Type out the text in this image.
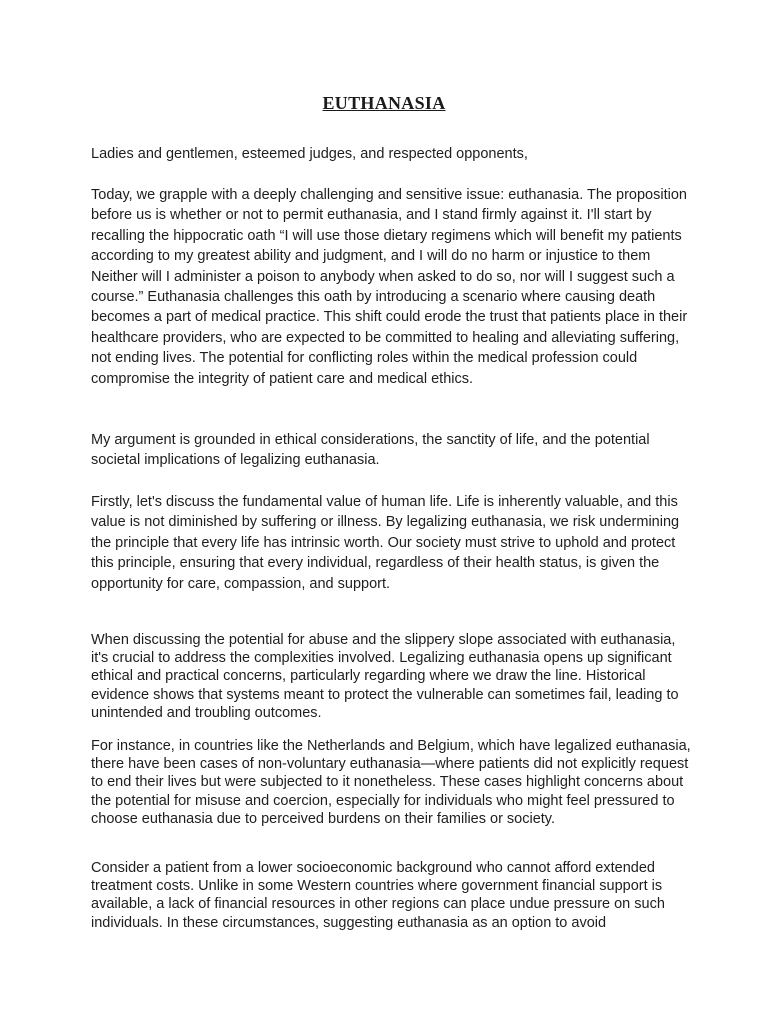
EUTHANASIA

Ladies and gentlemen, esteemed judges, and respected opponents,

Today, we grapple with a deeply challenging and sensitive issue: euthanasia. The proposition before us is whether or not to permit euthanasia, and I stand firmly against it. I'll start by recalling the hippocratic oath “I will use those dietary regimens which will benefit my patients according to my greatest ability and judgment, and I will do no harm or injustice to them Neither will I administer a poison to anybody when asked to do so, nor will I suggest such a course.” Euthanasia challenges this oath by introducing a scenario where causing death becomes a part of medical practice. This shift could erode the trust that patients place in their healthcare providers, who are expected to be committed to healing and alleviating suffering, not ending lives. The potential for conflicting roles within the medical profession could compromise the integrity of patient care and medical ethics.

My argument is grounded in ethical considerations, the sanctity of life, and the potential societal implications of legalizing euthanasia.

Firstly, let's discuss the fundamental value of human life. Life is inherently valuable, and this value is not diminished by suffering or illness. By legalizing euthanasia, we risk undermining the principle that every life has intrinsic worth. Our society must strive to uphold and protect this principle, ensuring that every individual, regardless of their health status, is given the opportunity for care, compassion, and support.

When discussing the potential for abuse and the slippery slope associated with euthanasia, it's crucial to address the complexities involved. Legalizing euthanasia opens up significant ethical and practical concerns, particularly regarding where we draw the line. Historical evidence shows that systems meant to protect the vulnerable can sometimes fail, leading to unintended and troubling outcomes.

For instance, in countries like the Netherlands and Belgium, which have legalized euthanasia, there have been cases of non-voluntary euthanasia—where patients did not explicitly request to end their lives but were subjected to it nonetheless. These cases highlight concerns about the potential for misuse and coercion, especially for individuals who might feel pressured to choose euthanasia due to perceived burdens on their families or society.

Consider a patient from a lower socioeconomic background who cannot afford extended treatment costs. Unlike in some Western countries where government financial support is available, a lack of financial resources in other regions can place undue pressure on such individuals. In these circumstances, suggesting euthanasia as an option to avoid
